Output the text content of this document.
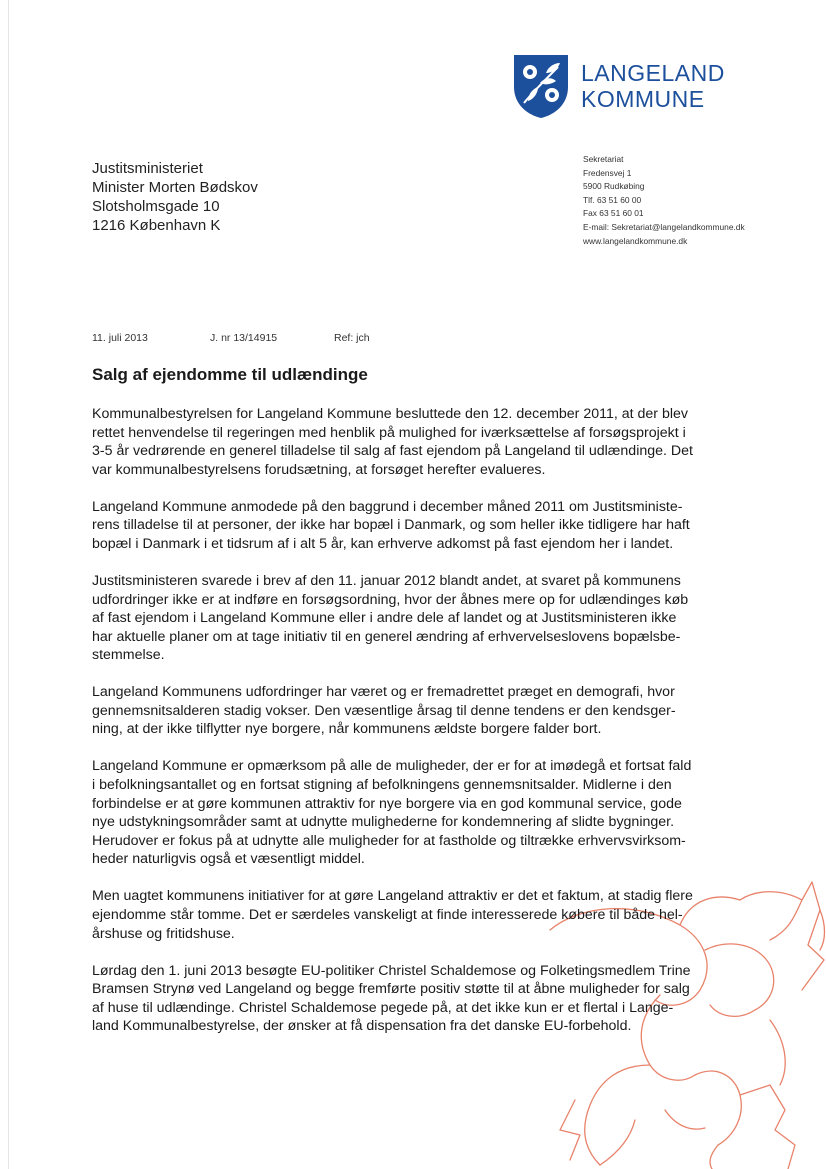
LANGELAND
KOMMUNE
Justitsministeriet
Minister Morten Bødskov
Slotsholmsgade 10
1216 København K
Sekretariat
Fredensvej 1
5900 Rudkøbing
Tlf. 63 51 60 00
Fax 63 51 60 01
E-mail: Sekretariat@langelandkommune.dk
www.langelandkommune.dk
11. juli 2013	J. nr 13/14915	Ref: jch
Salg af ejendomme til udlændinge
Kommunalbestyrelsen for Langeland Kommune besluttede den 12. december 2011, at der blev
rettet henvendelse til regeringen med henblik på mulighed for iværksættelse af forsøgsprojekt i
3-5 år vedrørende en generel tilladelse til salg af fast ejendom på Langeland til udlændinge. Det
var kommunalbestyrelsens forudsætning, at forsøget herefter evalueres.
Langeland Kommune anmodede på den baggrund i december måned 2011 om Justitsministe-
rens tilladelse til at personer, der ikke har bopæl i Danmark, og som heller ikke tidligere har haft
bopæl i Danmark i et tidsrum af i alt 5 år, kan erhverve adkomst på fast ejendom her i landet.
Justitsministeren svarede i brev af den 11. januar 2012 blandt andet, at svaret på kommunens
udfordringer ikke er at indføre en forsøgsordning, hvor der åbnes mere op for udlændinges køb
af fast ejendom i Langeland Kommune eller i andre dele af landet og at Justitsministeren ikke
har aktuelle planer om at tage initiativ til en generel ændring af erhvervelseslovens bopælsbe-
stemmelse.
Langeland Kommunens udfordringer har været og er fremadrettet præget en demografi, hvor
gennemsnitsalderen stadig vokser. Den væsentlige årsag til denne tendens er den kendsger-
ning, at der ikke tilflytter nye borgere, når kommunens ældste borgere falder bort.
Langeland Kommune er opmærksom på alle de muligheder, der er for at imødegå et fortsat fald
i befolkningsantallet og en fortsat stigning af befolkningens gennemsnitsalder. Midlerne i den
forbindelse er at gøre kommunen attraktiv for nye borgere via en god kommunal service, gode
nye udstykningsområder samt at udnytte mulighederne for kondemnering af slidte bygninger.
Herudover er fokus på at udnytte alle muligheder for at fastholde og tiltrække erhvervsvirksom-
heder naturligvis også et væsentligt middel.
Men uagtet kommunens initiativer for at gøre Langeland attraktiv er det et faktum, at stadig flere
ejendomme står tomme. Det er særdeles vanskeligt at finde interesserede købere til både hel-
årshuse og fritidshuse.
Lørdag den 1. juni 2013 besøgte EU-politiker Christel Schaldemose og Folketingsmedlem Trine
Bramsen Strynø ved Langeland og begge fremførte positiv støtte til at åbne muligheder for salg
af huse til udlændinge. Christel Schaldemose pegede på, at det ikke kun er et flertal i Lange-
land Kommunalbestyrelse, der ønsker at få dispensation fra det danske EU-forbehold.
